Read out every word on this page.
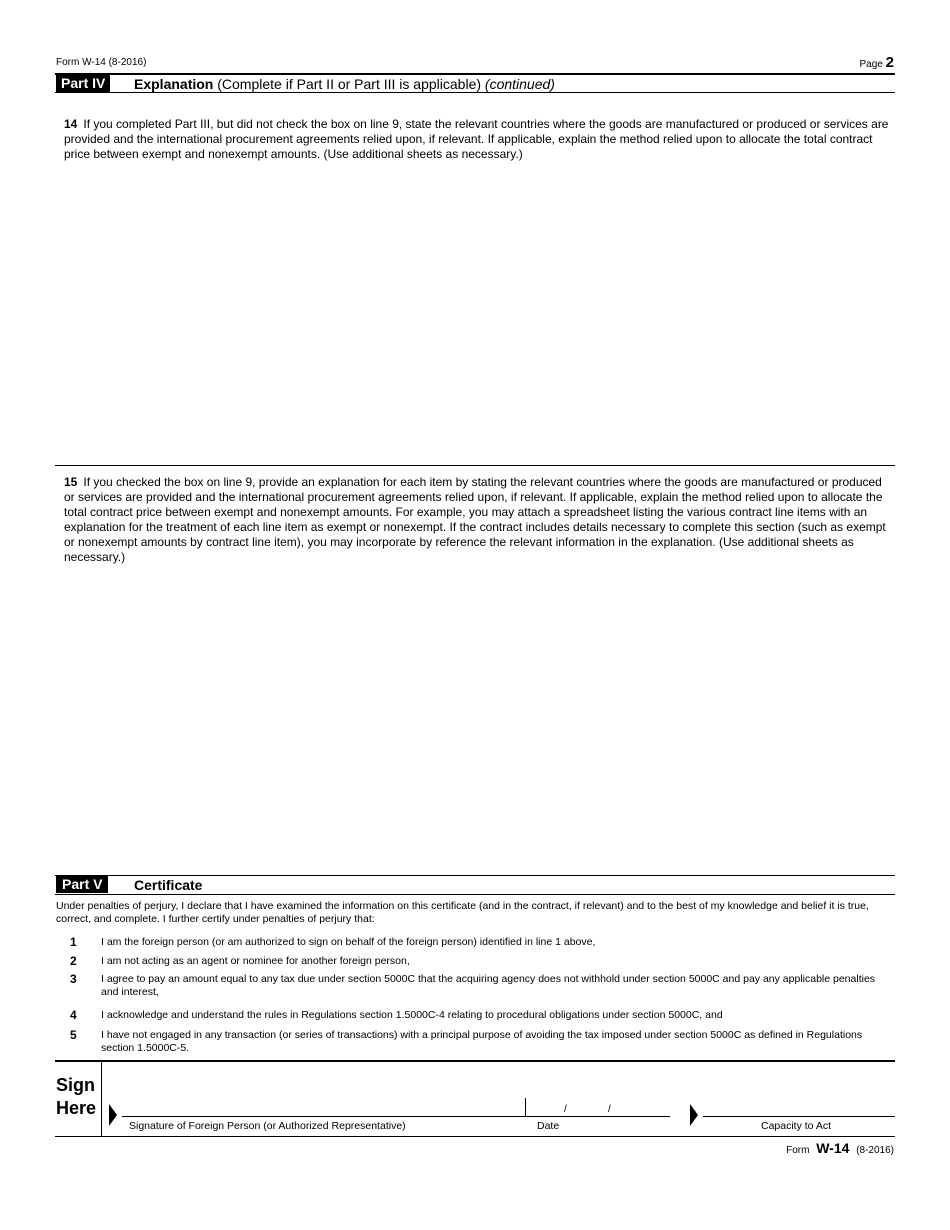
Form W-14 (8-2016)	Page 2
Part IV	Explanation (Complete if Part II or Part III is applicable) (continued)
14 If you completed Part III, but did not check the box on line 9, state the relevant countries where the goods are manufactured or produced or services are provided and the international procurement agreements relied upon, if relevant. If applicable, explain the method relied upon to allocate the total contract price between exempt and nonexempt amounts. (Use additional sheets as necessary.)
15 If you checked the box on line 9, provide an explanation for each item by stating the relevant countries where the goods are manufactured or produced or services are provided and the international procurement agreements relied upon, if relevant. If applicable, explain the method relied upon to allocate the total contract price between exempt and nonexempt amounts. For example, you may attach a spreadsheet listing the various contract line items with an explanation for the treatment of each line item as exempt or nonexempt. If the contract includes details necessary to complete this section (such as exempt or nonexempt amounts by contract line item), you may incorporate by reference the relevant information in the explanation. (Use additional sheets as necessary.)
Part V	Certificate
Under penalties of perjury, I declare that I have examined the information on this certificate (and in the contract, if relevant) and to the best of my knowledge and belief it is true, correct, and complete. I further certify under penalties of perjury that:
1 I am the foreign person (or am authorized to sign on behalf of the foreign person) identified in line 1 above,
2 I am not acting as an agent or nominee for another foreign person,
3 I agree to pay an amount equal to any tax due under section 5000C that the acquiring agency does not withhold under section 5000C and pay any applicable penalties and interest,
4 I acknowledge and understand the rules in Regulations section 1.5000C-4 relating to procedural obligations under section 5000C, and
5 I have not engaged in any transaction (or series of transactions) with a principal purpose of avoiding the tax imposed under section 5000C as defined in Regulations section 1.5000C-5.
Sign
Here	/	/
Signature of Foreign Person (or Authorized Representative)	Date	Capacity to Act
Form W-14 (8-2016)
